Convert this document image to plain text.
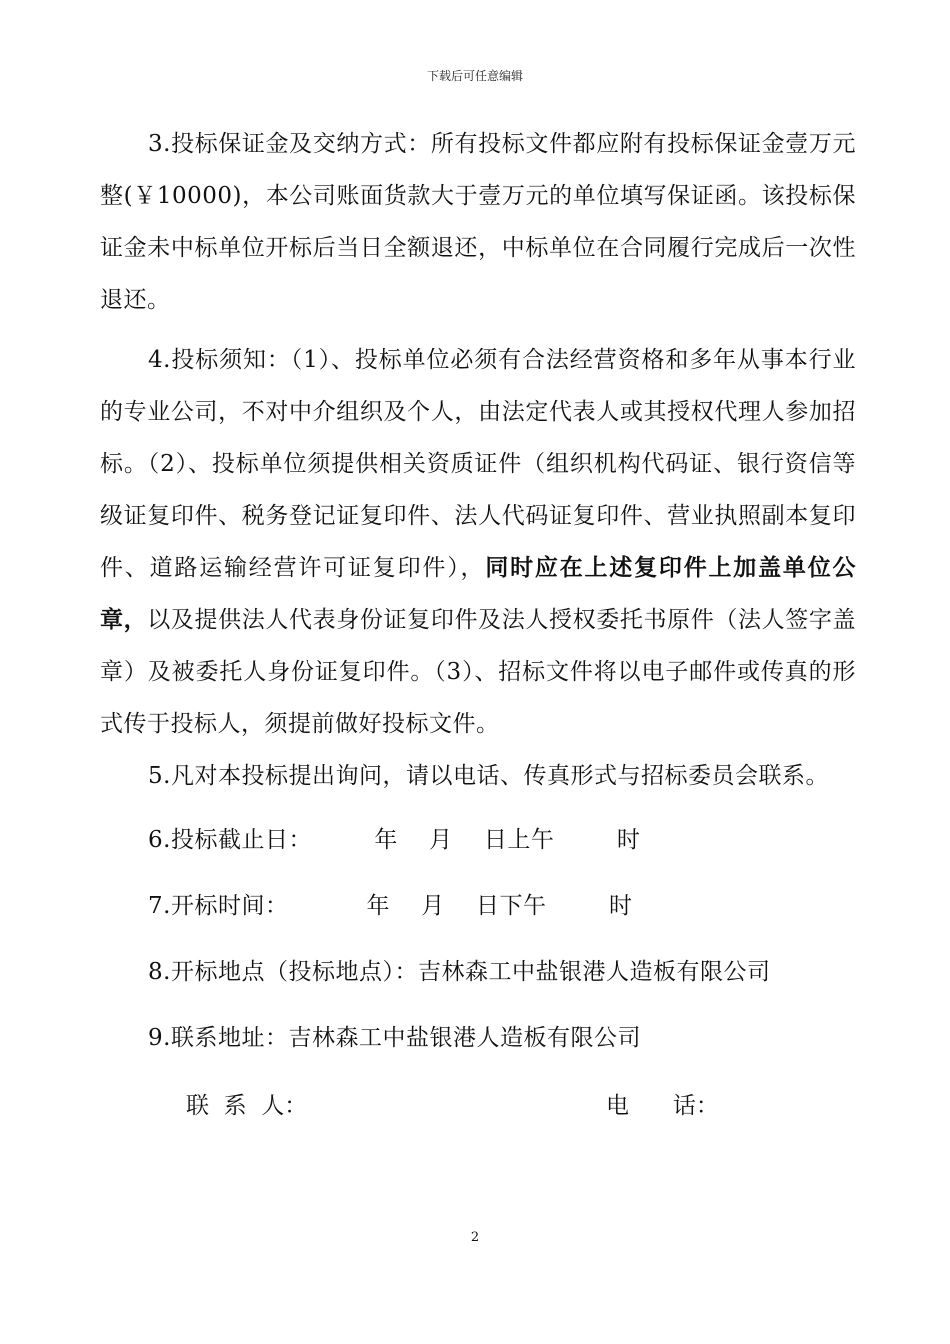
下载后可任意编辑

3.投标保证金及交纳方式：所有投标文件都应附有投标保证金壹万元整(￥10000)，本公司账面货款大于壹万元的单位填写保证函。该投标保证金未中标单位开标后当日全额退还，中标单位在合同履行完成后一次性退还。

4.投标须知：（1）、投标单位必须有合法经营资格和多年从事本行业的专业公司，不对中介组织及个人，由法定代表人或其授权代理人参加招标。（2）、投标单位须提供相关资质证件（组织机构代码证、银行资信等级证复印件、税务登记证复印件、法人代码证复印件、营业执照副本复印件、道路运输经营许可证复印件），同时应在上述复印件上加盖单位公章，以及提供法人代表身份证复印件及法人授权委托书原件（法人签字盖章）及被委托人身份证复印件。（3）、招标文件将以电子邮件或传真的形式传于投标人，须提前做好投标文件。

5.凡对本投标提出询问，请以电话、传真形式与招标委员会联系。
6.投标截止日：        年    月    日上午        时
7.开标时间：          年    月    日下午        时
8.开标地点（投标地点）：吉林森工中盐银港人造板有限公司
9.联系地址：吉林森工中盐银港人造板有限公司
联  系  人：	电      话：
2
